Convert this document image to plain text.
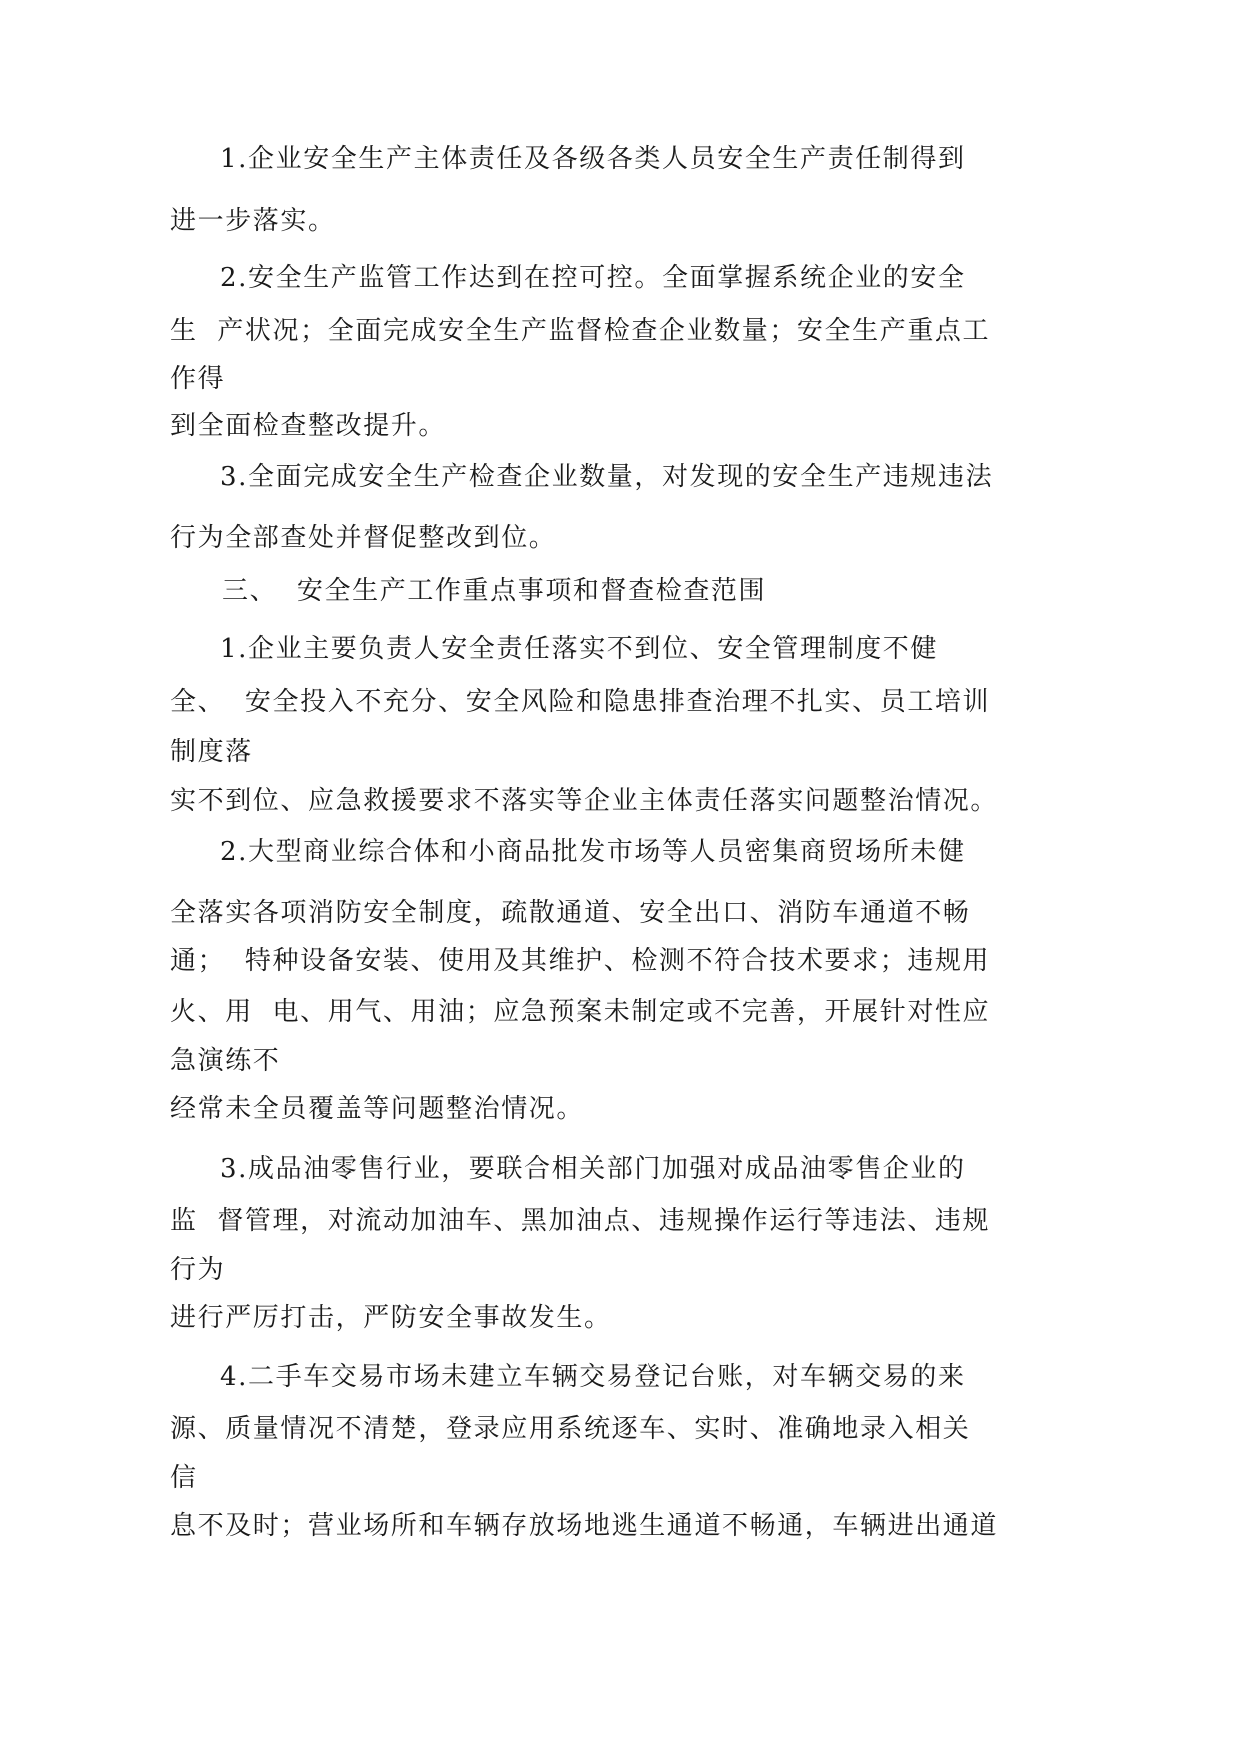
1.企业安全生产主体责任及各级各类人员安全生产责任制得到
进一步落实。
2.安全生产监管工作达到在控可控。全面掌握系统企业的安全
生  产状况；全面完成安全生产监督检查企业数量；安全生产重点工
作得
到全面检查整改提升。
3.全面完成安全生产检查企业数量，对发现的安全生产违规违法
行为全部查处并督促整改到位。
三、  安全生产工作重点事项和督查检查范围
1.企业主要负责人安全责任落实不到位、安全管理制度不健
全、  安全投入不充分、安全风险和隐患排查治理不扎实、员工培训
制度落
实不到位、应急救援要求不落实等企业主体责任落实问题整治情况。
2.大型商业综合体和小商品批发市场等人员密集商贸场所未健
全落实各项消防安全制度，疏散通道、安全出口、消防车通道不畅
通；  特种设备安装、使用及其维护、检测不符合技术要求；违规用
火、用  电、用气、用油；应急预案未制定或不完善，开展针对性应
急演练不
经常未全员覆盖等问题整治情况。
3.成品油零售行业，要联合相关部门加强对成品油零售企业的
监  督管理，对流动加油车、黑加油点、违规操作运行等违法、违规
行为
进行严厉打击，严防安全事故发生。
4.二手车交易市场未建立车辆交易登记台账，对车辆交易的来
源、质量情况不清楚，登录应用系统逐车、实时、准确地录入相关
信
息不及时；营业场所和车辆存放场地逃生通道不畅通，车辆进出通道
